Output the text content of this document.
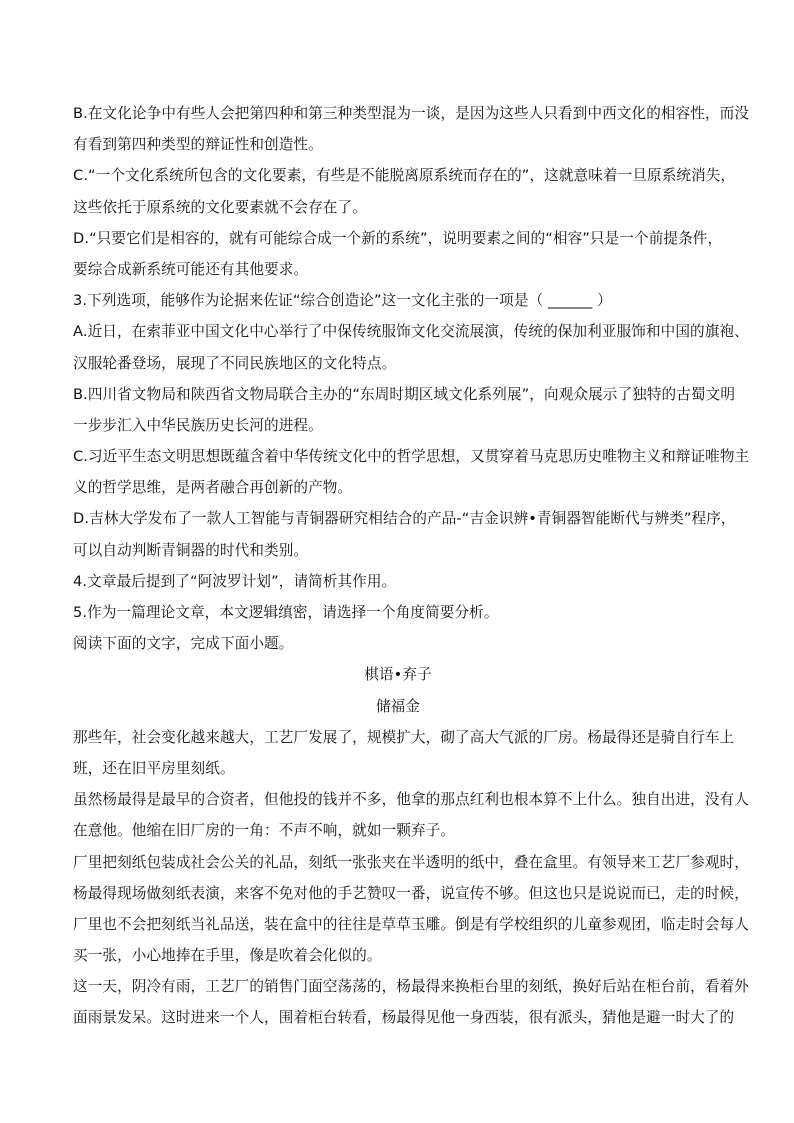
B.在文化论争中有些人会把第四种和第三种类型混为一谈，是因为这些人只看到中西文化的相容性，而没
有看到第四种类型的辩证性和创造性。
C.“一个文化系统所包含的文化要素，有些是不能脱离原系统而存在的”，这就意味着一旦原系统消失，
这些依托于原系统的文化要素就不会存在了。
D.“只要它们是相容的，就有可能综合成一个新的系统”，说明要素之间的“相容”只是一个前提条件，
要综合成新系统可能还有其他要求。
3.下列选项，能够作为论据来佐证“综合创造论”这一文化主张的一项是（ ______ ）
A.近日，在索菲亚中国文化中心举行了中保传统服饰文化交流展演，传统的保加利亚服饰和中国的旗袍、
汉服轮番登场，展现了不同民族地区的文化特点。
B.四川省文物局和陕西省文物局联合主办的“东周时期区域文化系列展”，向观众展示了独特的古蜀文明
一步步汇入中华民族历史长河的进程。
C.习近平生态文明思想既蕴含着中华传统文化中的哲学思想，又贯穿着马克思历史唯物主义和辩证唯物主
义的哲学思维，是两者融合再创新的产物。
D.吉林大学发布了一款人工智能与青铜器研究相结合的产品-“吉金识辨•青铜器智能断代与辨类”程序，
可以自动判断青铜器的时代和类别。
4.文章最后提到了“阿波罗计划”，请简析其作用。
5.作为一篇理论文章，本文逻辑缜密，请选择一个角度简要分析。
阅读下面的文字，完成下面小题。
棋语•弃子
储福金
那些年，社会变化越来越大，工艺厂发展了，规模扩大，砌了高大气派的厂房。杨最得还是骑自行车上
班，还在旧平房里刻纸。
虽然杨最得是最早的合资者，但他投的钱并不多，他拿的那点红利也根本算不上什么。独自出进，没有人
在意他。他缩在旧厂房的一角：不声不响，就如一颗弃子。
厂里把刻纸包装成社会公关的礼品，刻纸一张张夹在半透明的纸中，叠在盒里。有领导来工艺厂参观时，
杨最得现场做刻纸表演，来客不免对他的手艺赞叹一番，说宣传不够。但这也只是说说而已，走的时候，
厂里也不会把刻纸当礼品送，装在盒中的往往是草草玉雕。倒是有学校组织的儿童参观团，临走时会每人
买一张，小心地捧在手里，像是吹着会化似的。
这一天，阴冷有雨，工艺厂的销售门面空荡荡的，杨最得来换柜台里的刻纸，换好后站在柜台前，看着外
面雨景发呆。这时进来一个人，围着柜台转看，杨最得见他一身西装，很有派头，猜他是避一时大了的
